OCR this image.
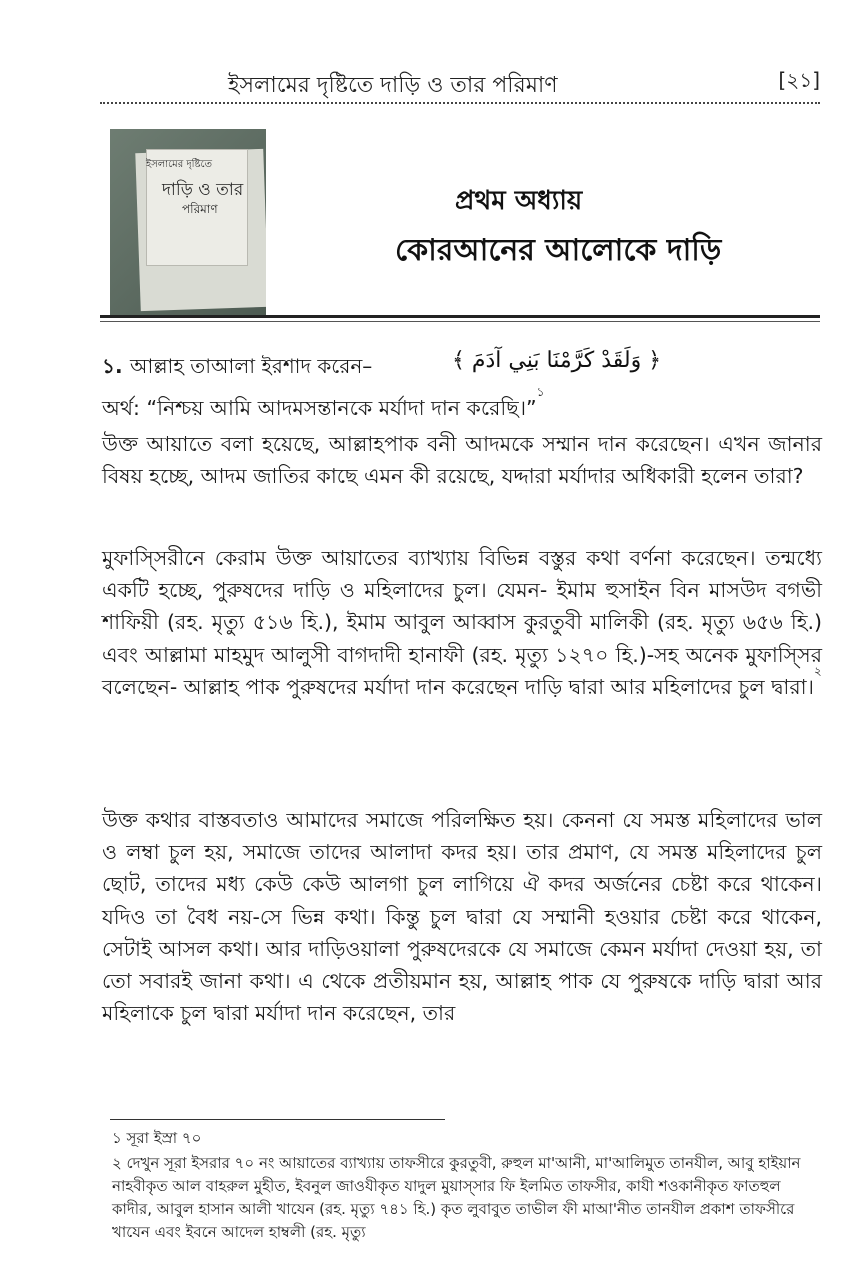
ইসলামের দৃষ্টিতে দাড়ি ও তার পরিমাণ	[২১]
ইসলামের দৃষ্টিতে
দাড়ি ও তার
পরিমাণ	প্রথম অধ্যায়
কোরআনের আলোকে দাড়ি
১. আল্লাহ তাআলা ইরশাদ করেন–	﴿ وَلَقَدْ كَرَّمْنَا بَنِي آدَمَ ﴾
অর্থ: “নিশ্চয় আমি আদমসন্তানকে মর্যাদা দান করেছি।”$^১$

উক্ত আয়াতে বলা হয়েছে, আল্লাহপাক বনী আদমকে সম্মান দান করেছেন। এখন জানার বিষয় হচ্ছে, আদম জাতির কাছে এমন কী রয়েছে, যদ্দারা মর্যাদার অধিকারী হলেন তারা?

মুফাস্সিরীনে কেরাম উক্ত আয়াতের ব্যাখ্যায় বিভিন্ন বস্তুর কথা বর্ণনা করেছেন। তন্মধ্যে একটি হচ্ছে, পুরুষদের দাড়ি ও মহিলাদের চুল। যেমন- ইমাম হুসাইন বিন মাসউদ বগভী শাফিয়ী (রহ. মৃত্যু ৫১৬ হি.), ইমাম আবুল আব্বাস কুরতুবী মালিকী (রহ. মৃত্যু ৬৫৬ হি.) এবং আল্লামা মাহমুদ আলুসী বাগদাদী হানাফী (রহ. মৃত্যু ১২৭০ হি.)-সহ অনেক মুফাস্সির বলেছেন- আল্লাহ পাক পুরুষদের মর্যাদা দান করেছেন দাড়ি দ্বারা আর মহিলাদের চুল দ্বারা।$^২$

উক্ত কথার বাস্তবতাও আমাদের সমাজে পরিলক্ষিত হয়। কেননা যে সমস্ত মহিলাদের ভাল ও লম্বা চুল হয়, সমাজে তাদের আলাদা কদর হয়। তার প্রমাণ, যে সমস্ত মহিলাদের চুল ছোট, তাদের মধ্য কেউ কেউ আলগা চুল লাগিয়ে ঐ কদর অর্জনের চেষ্টা করে থাকেন। যদিও তা বৈধ নয়-সে ভিন্ন কথা। কিন্তু চুল দ্বারা যে সম্মানী হওয়ার চেষ্টা করে থাকেন, সেটাই আসল কথা। আর দাড়িওয়ালা পুরুষদেরকে যে সমাজে কেমন মর্যাদা দেওয়া হয়, তা তো সবারই জানা কথা। এ থেকে প্রতীয়মান হয়, আল্লাহ পাক যে পুরুষকে দাড়ি দ্বারা আর মহিলাকে চুল দ্বারা মর্যাদা দান করেছেন, তার

১ সূরা ইস্রা ৭০

২ দেখুন সূরা ইসরার ৭০ নং আয়াতের ব্যাখ্যায় তাফসীরে কুরতুবী, রুহুল মা'আনী, মা'আলিমুত তানযীল, আবু হাইয়ান নাহবীকৃত আল বাহরুল মুহীত, ইবনুল জাওযীকৃত যাদুল মুয়াস্সার ফি ইলমিত তাফসীর, কাযী শওকানীকৃত ফাতহুল কাদীর, আবুল হাসান আলী খাযেন (রহ. মৃত্যু ৭৪১ হি.) কৃত লুবাবুত তাভীল ফী মাআ'নীত তানযীল প্রকাশ তাফসীরে খাযেন এবং ইবনে আদেল হাম্বলী (রহ. মৃত্যু
